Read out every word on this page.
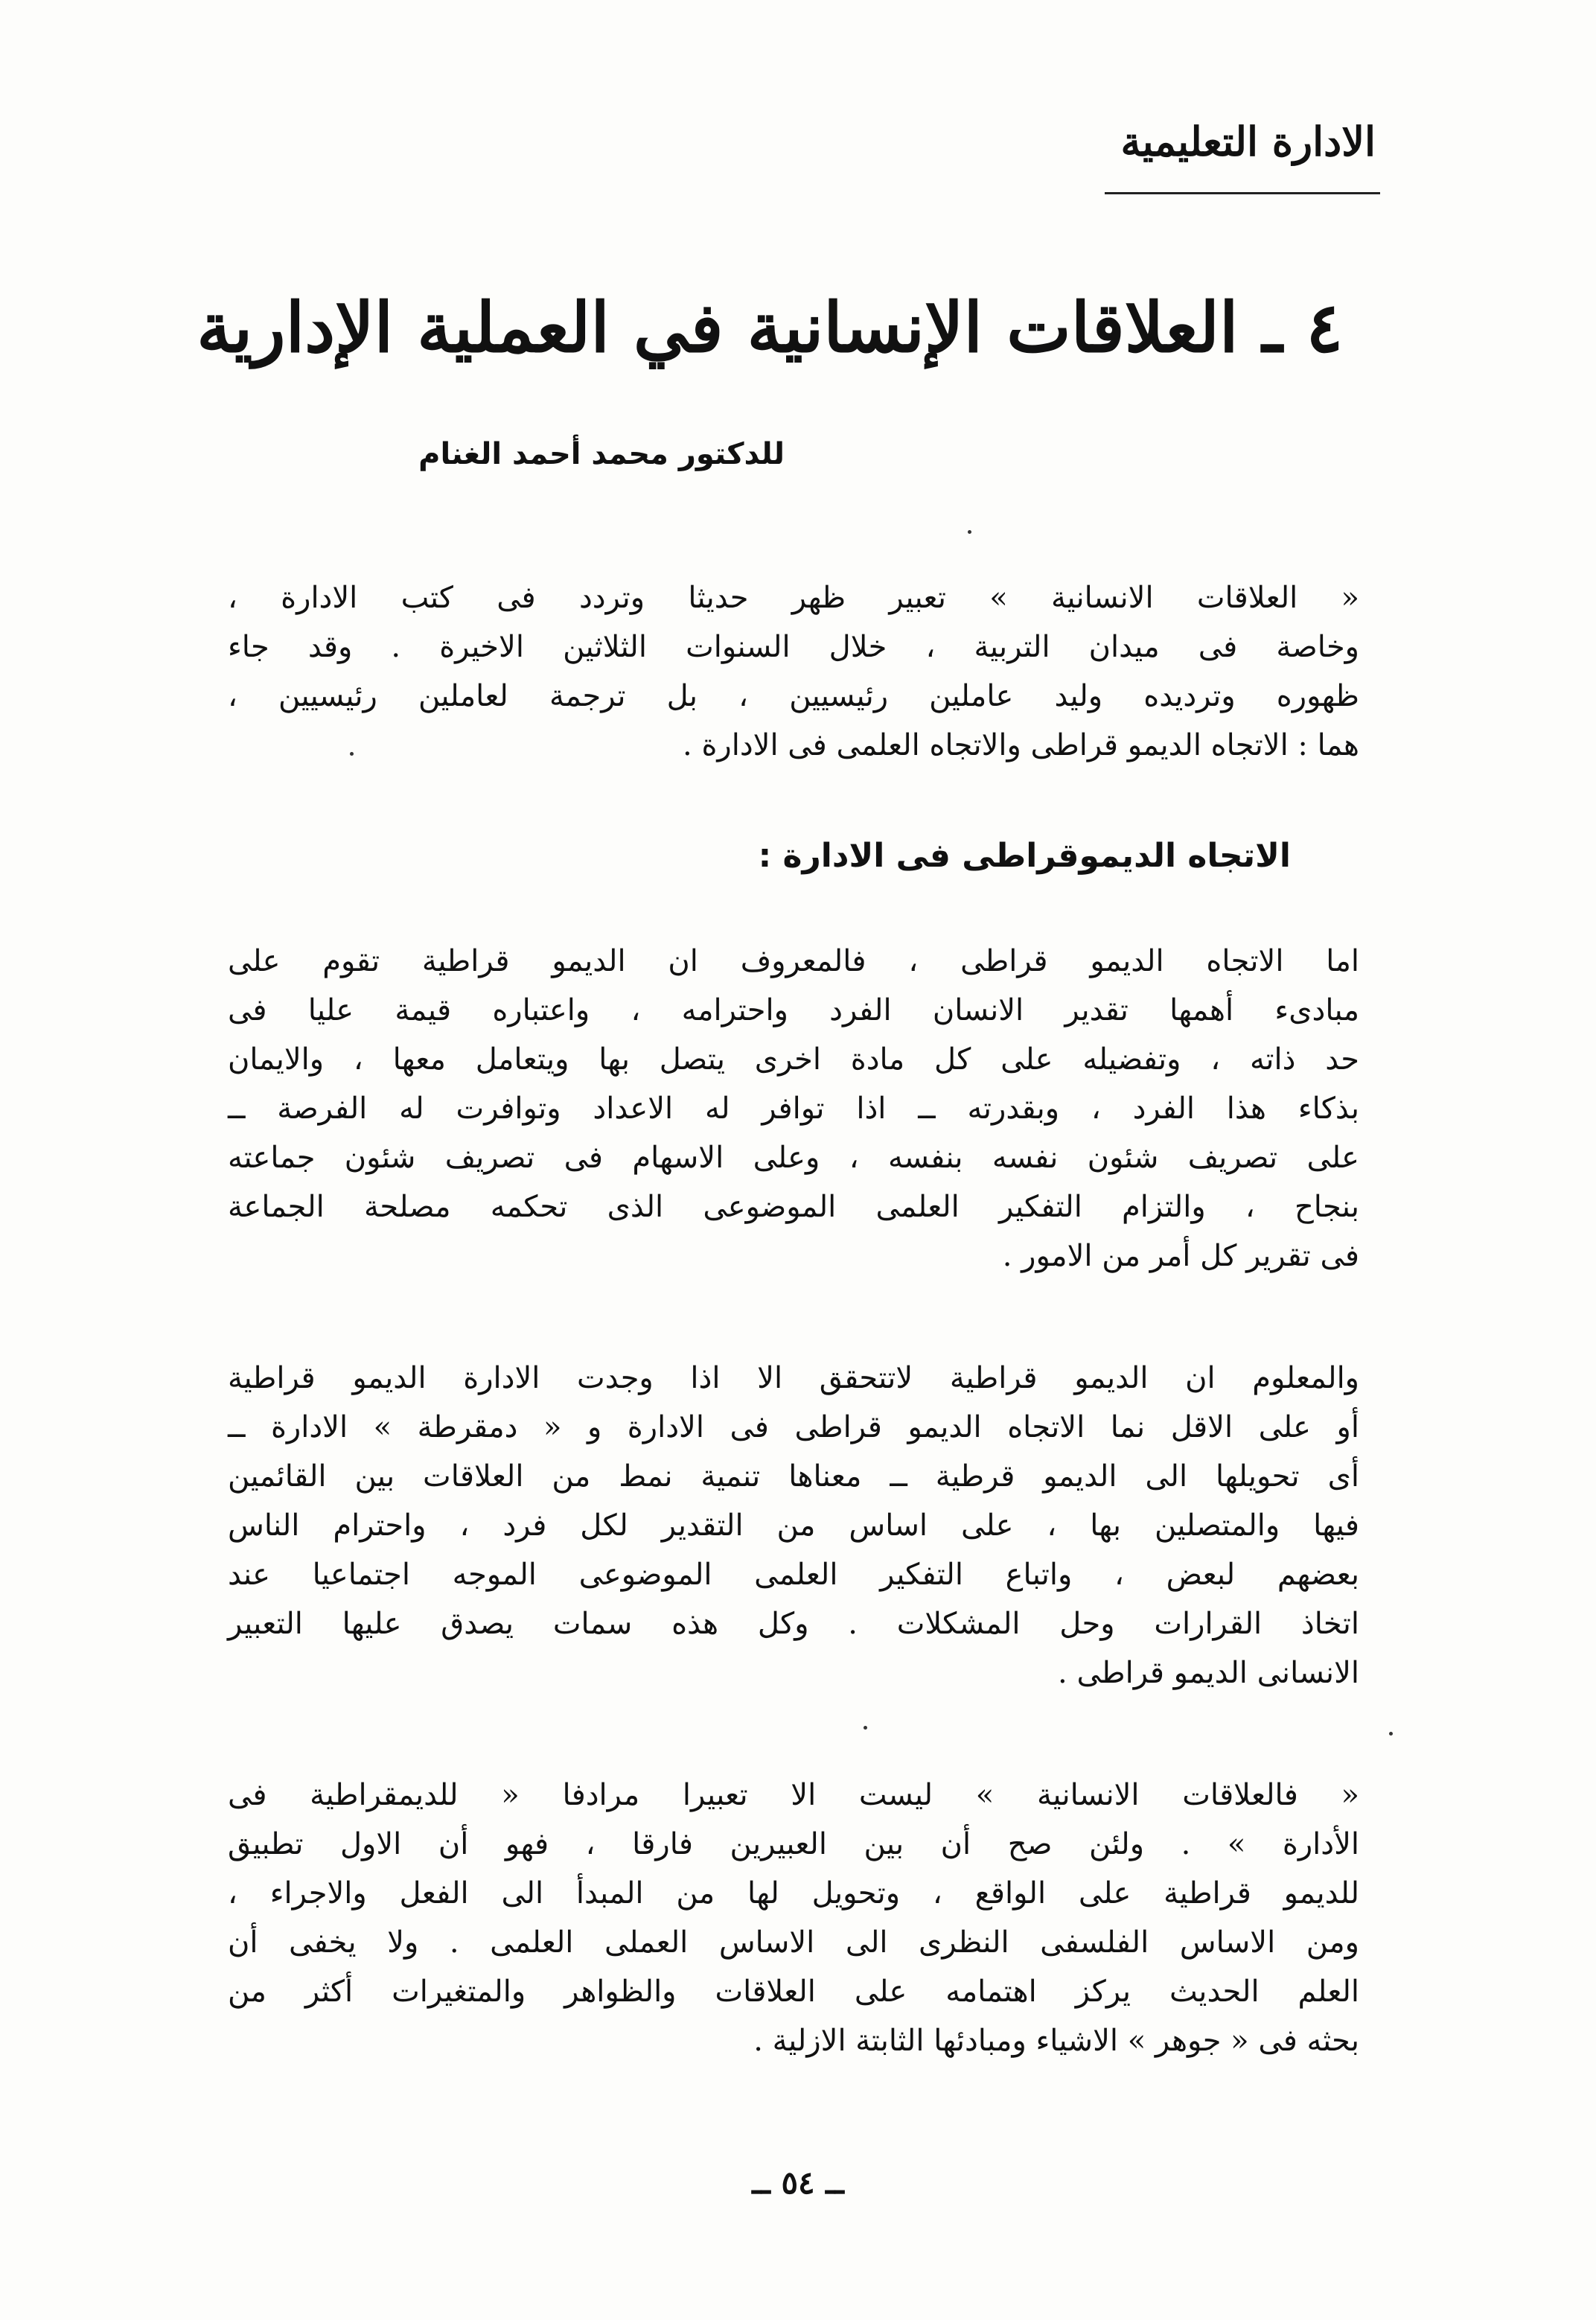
الادارة التعليمية
٤ ـ العلاقات الإنسانية في العملية الإدارية
للدكتور محمد أحمد الغنام
« العلاقات الانسانية » تعبير ظهر حديثا وتردد فى كتب الادارة ،
وخاصة فى ميدان التربية ، خلال السنوات الثلاثين الاخيرة . وقد جاء
ظهوره وترديده وليد عاملين رئيسيين ، بل ترجمة لعاملين رئيسيين ،
هما : الاتجاه الديمو قراطى والاتجاه العلمى فى الادارة .
الاتجاه الديموقراطى فى الادارة :
اما الاتجاه الديمو قراطى ، فالمعروف ان الديمو قراطية تقوم على
مبادىء أهمها تقدير الانسان الفرد واحترامه ، واعتباره قيمة عليا فى
حد ذاته ، وتفضيله على كل مادة اخرى يتصل بها ويتعامل معها ، والايمان
بذكاء هذا الفرد ، وبقدرته ــ اذا توافر له الاعداد وتوافرت له الفرصة ــ
على تصريف شئون نفسه بنفسه ، وعلى الاسهام فى تصريف شئون جماعته
بنجاح ، والتزام التفكير العلمى الموضوعى الذى تحكمه مصلحة الجماعة
فى تقرير كل أمر من الامور .
والمعلوم ان الديمو قراطية لاتتحقق الا اذا وجدت الادارة الديمو قراطية
أو على الاقل نما الاتجاه الديمو قراطى فى الادارة و « دمقرطة » الادارة ــ
أى تحويلها الى الديمو قرطية ــ معناها تنمية نمط من العلاقات بين القائمين
فيها والمتصلين بها ، على اساس من التقدير لكل فرد ، واحترام الناس
بعضهم لبعض ، واتباع التفكير العلمى الموضوعى الموجه اجتماعيا عند
اتخاذ القرارات وحل المشكلات . وكل هذه سمات يصدق عليها التعبير
الانسانى الديمو قراطى .
« فالعلاقات الانسانية » ليست الا تعبيرا مرادفا « للديمقراطية فى
الأدارة » . ولئن صح أن بين العبيرين فارقا ، فهو أن الاول تطبيق
للديمو قراطية على الواقع ، وتحويل لها من المبدأ الى الفعل والاجراء ،
ومن الاساس الفلسفى النظرى الى الاساس العملى العلمى . ولا يخفى أن
العلم الحديث يركز اهتمامه على العلاقات والظواهر والمتغيرات أكثر من
بحثه فى « جوهر » الاشياء ومبادئها الثابتة الازلية .
ــ ٥٤ ــ
